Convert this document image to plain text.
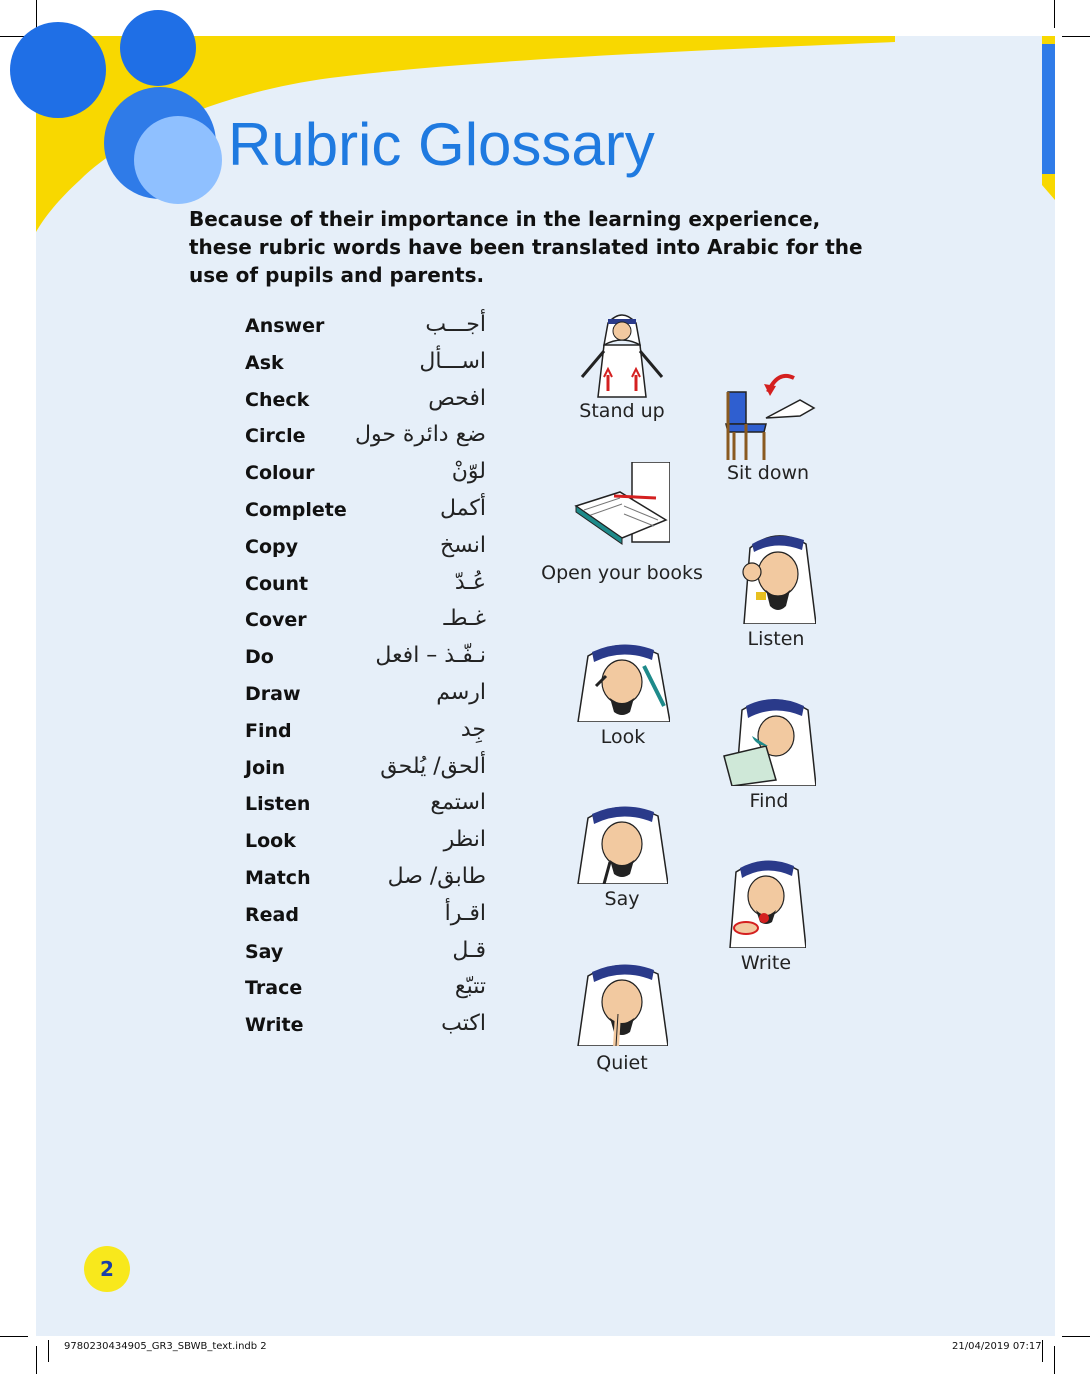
Rubric Glossary
Because of their importance in the learning experience, these rubric words have been translated into Arabic for the use of pupils and parents.
Answer	أجـــب
Ask	اســـأل
Check	افحص
Circle ضع دائرة حول
Colour	لوّنْ
Complete	أكمل
Copy	انسخ
Count	عُـدّ
Cover	غـطـ
Do	نـفّـذ – افعل
Draw	ارسم
Find	جِد
Join	ألحق/ يُلحق
Listen	استمع
Look	انظر
Match	طابق/ صل
Read	اقـرأ
Say	قـل
Trace	تتبّع
Write	اكتب
Stand up
Sit down
Open your books
Listen
Look
Find
Say
Write
Quiet
2
9780230434905_GR3_SBWB_text.indb 2	21/04/2019 07:17
